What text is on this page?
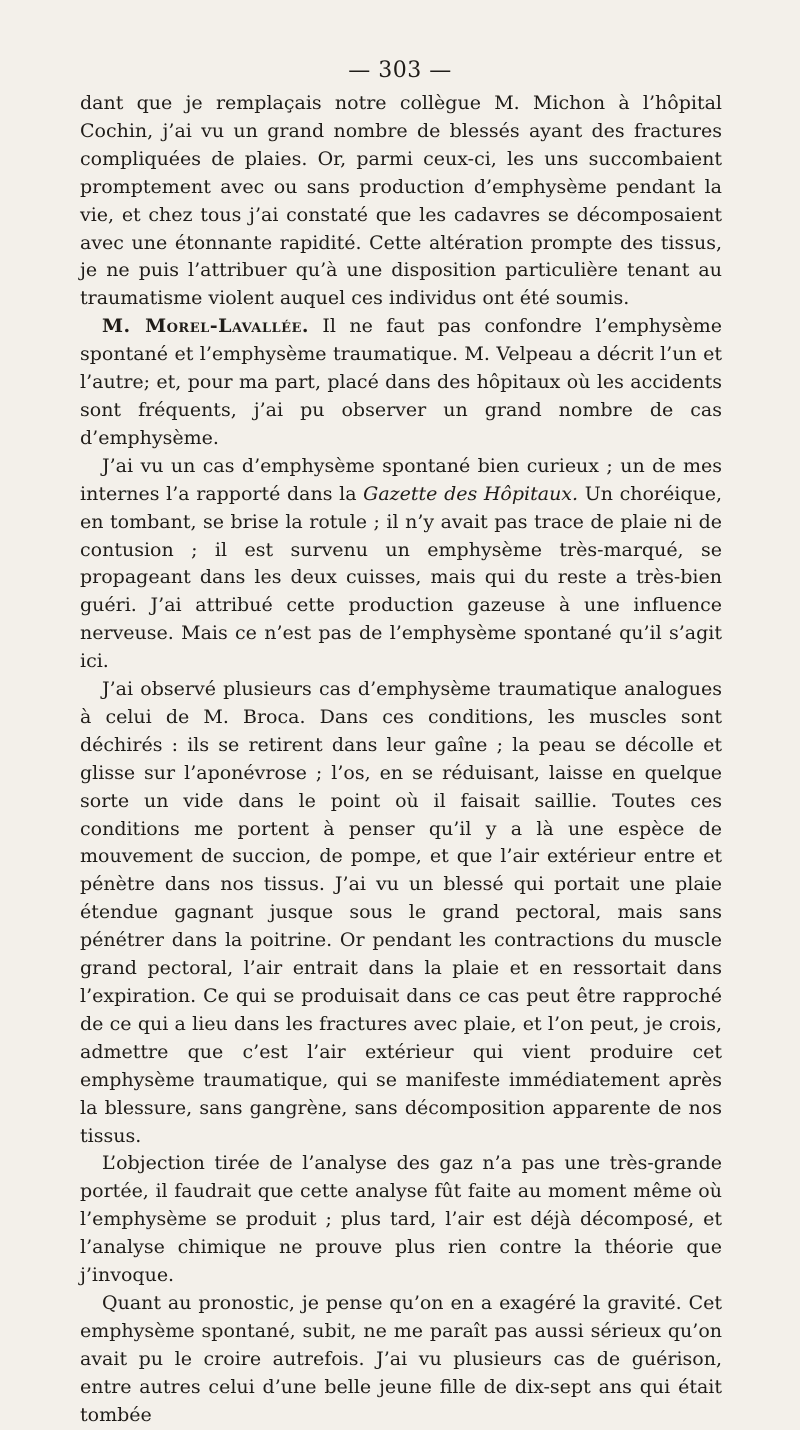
— 303 —

dant que je remplaçais notre collègue M. Michon à l’hôpital Cochin, j’ai vu un grand nombre de blessés ayant des fractures compliquées de plaies. Or, parmi ceux-ci, les uns succombaient promptement avec ou sans production d’emphysème pendant la vie, et chez tous j’ai constaté que les cadavres se décomposaient avec une étonnante rapidité. Cette altération prompte des tissus, je ne puis l’attribuer qu’à une disposition particulière tenant au traumatisme violent auquel ces individus ont été soumis.

M. Morel-Lavallée. Il ne faut pas confondre l’emphysème spontané et l’emphysème traumatique. M. Velpeau a décrit l’un et l’autre; et, pour ma part, placé dans des hôpitaux où les accidents sont fréquents, j’ai pu observer un grand nombre de cas d’emphysème.

J’ai vu un cas d’emphysème spontané bien curieux ; un de mes internes l’a rapporté dans la Gazette des Hôpitaux. Un choréique, en tombant, se brise la rotule ; il n’y avait pas trace de plaie ni de contusion ; il est survenu un emphysème très-marqué, se propageant dans les deux cuisses, mais qui du reste a très-bien guéri. J’ai attribué cette production gazeuse à une influence nerveuse. Mais ce n’est pas de l’emphysème spontané qu’il s’agit ici.

J’ai observé plusieurs cas d’emphysème traumatique analogues à celui de M. Broca. Dans ces conditions, les muscles sont déchirés : ils se retirent dans leur gaîne ; la peau se décolle et glisse sur l’aponévrose ; l’os, en se réduisant, laisse en quelque sorte un vide dans le point où il faisait saillie. Toutes ces conditions me portent à penser qu’il y a là une espèce de mouvement de succion, de pompe, et que l’air extérieur entre et pénètre dans nos tissus. J’ai vu un blessé qui portait une plaie étendue gagnant jusque sous le grand pectoral, mais sans pénétrer dans la poitrine. Or pendant les contractions du muscle grand pectoral, l’air entrait dans la plaie et en ressortait dans l’expiration. Ce qui se produisait dans ce cas peut être rapproché de ce qui a lieu dans les fractures avec plaie, et l’on peut, je crois, admettre que c’est l’air extérieur qui vient produire cet emphysème traumatique, qui se manifeste immédiatement après la blessure, sans gangrène, sans décomposition apparente de nos tissus.

L’objection tirée de l’analyse des gaz n’a pas une très-grande portée, il faudrait que cette analyse fût faite au moment même où l’emphysème se produit ; plus tard, l’air est déjà décomposé, et l’analyse chimique ne prouve plus rien contre la théorie que j’invoque.

Quant au pronostic, je pense qu’on en a exagéré la gravité. Cet emphysème spontané, subit, ne me paraît pas aussi sérieux qu’on avait pu le croire autrefois. J’ai vu plusieurs cas de guérison, entre autres celui d’une belle jeune fille de dix-sept ans qui était tombée
